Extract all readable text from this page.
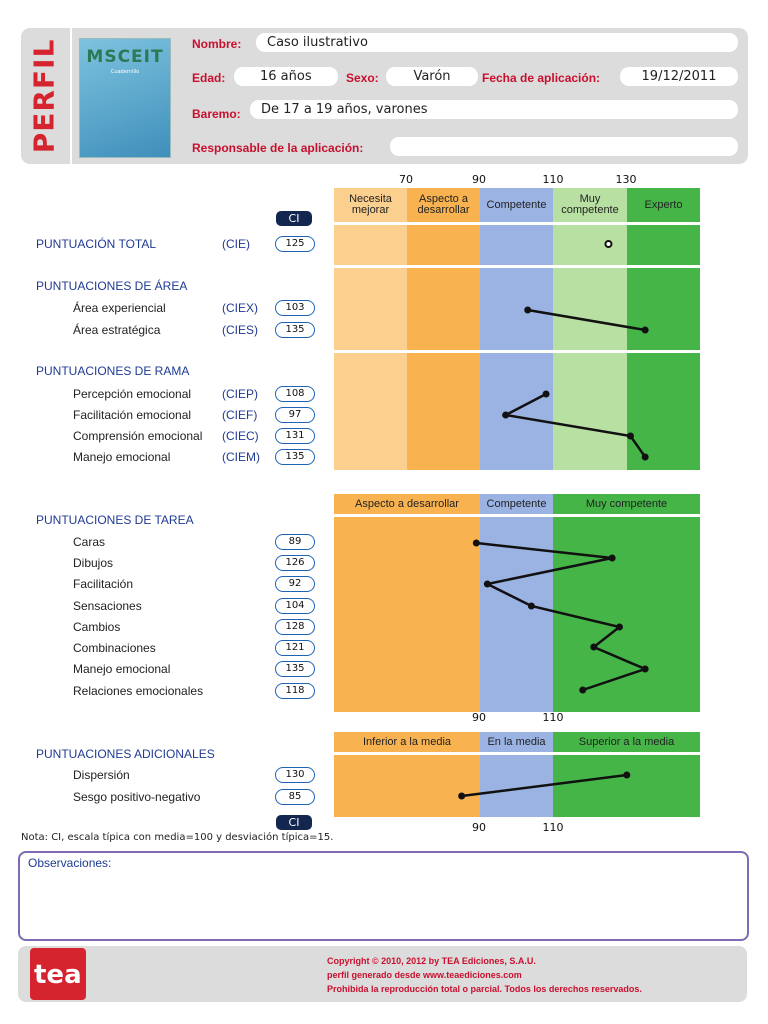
PERFIL	MSCEIT
Cuadernillo
Nombre:	Caso ilustrativo
Edad:	16 años	Sexo:	Varón	Fecha de aplicación:	19/12/2011
Baremo:	De 17 a 19 años, varones
Responsable de la aplicación:
70	90	110	130
Necesita mejorar
Aspecto a desarrollar	Competente	Muy competente	Experto
CI
PUNTUACIÓN TOTAL	(CIE)	125
PUNTUACIONES DE ÁREA
Área experiencial	(CIEX)	103
Área estratégica	(CIES)	135
PUNTUACIONES DE RAMA
Percepción emocional	(CIEP)	108
Facilitación emocional	(CIEF)	97
Comprensión emocional (CIEC)	131
Manejo emocional	(CIEM)	135
Aspecto a desarrollar	Competente	Muy competente
90	110
PUNTUACIONES DE TAREA
Caras	89
Dibujos	126
Facilitación	92
Sensaciones	104
Cambios	128
Combinaciones	121
Manejo emocional	135
Relaciones emocionales	118
Inferior a la media	En la media	Superior a la media
90	110
PUNTUACIONES ADICIONALES
Dispersión	130
Sesgo positivo-negativo	85
CI
Nota: CI, escala típica con media=100 y desviación típica=15.
Observaciones:
tea	Copyright © 2010, 2012 by TEA Ediciones, S.A.U.
perfil generado desde www.teaediciones.com
Prohibida la reproducción total o parcial. Todos los derechos reservados.
